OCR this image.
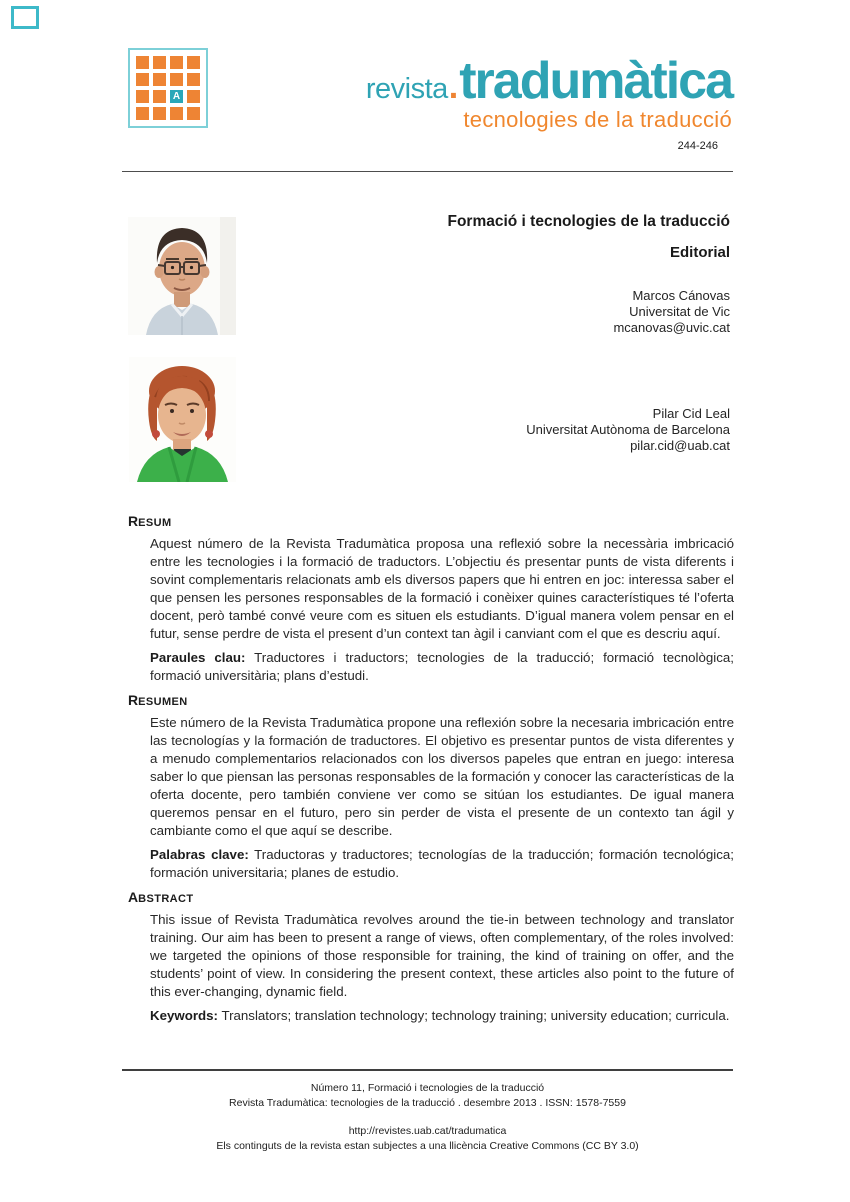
A	revista . tradumàtica
tecnologies de la traducció
244-246
Formació i tecnologies de la traducció
Editorial
Marcos Cánovas
Universitat de Vic
mcanovas@uvic.cat
Pilar Cid Leal
Universitat Autònoma de Barcelona
pilar.cid@uab.cat
RESUM

Aquest número de la Revista Tradumàtica proposa una reflexió sobre la necessària imbricació entre les tecnologies i la formació de traductors. L’objectiu és presentar punts de vista diferents i sovint complementaris relacionats amb els diversos papers que hi entren en joc: interessa saber el que pensen les persones responsables de la formació i conèixer quines característiques té l’oferta docent, però també convé veure com es situen els estudiants. D’igual manera volem pensar en el futur, sense perdre de vista el present d’un context tan àgil i canviant com el que es descriu aquí.

Paraules clau: Traductores i traductors; tecnologies de la traducció; formació tecnològica; formació universitària; plans d’estudi.

RESUMEN

Este número de la Revista Tradumàtica propone una reflexión sobre la necesaria imbricación entre las tecnologías y la formación de traductores. El objetivo es presentar puntos de vista diferentes y a menudo complementarios relacionados con los diversos papeles que entran en juego: interesa saber lo que piensan las personas responsables de la formación y conocer las características de la oferta docente, pero también conviene ver como se sitúan los estudiantes. De igual manera queremos pensar en el futuro, pero sin perder de vista el presente de un contexto tan ágil y cambiante como el que aquí se describe.

Palabras clave: Traductoras y traductores; tecnologías de la traducción; formación tecnológica; formación universitaria; planes de estudio.

ABSTRACT

This issue of Revista Tradumàtica revolves around the tie-in between technology and translator training. Our aim has been to present a range of views, often complementary, of the roles involved: we targeted the opinions of those responsible for training, the kind of training on offer, and the students’ point of view. In considering the present context, these articles also point to the future of this ever-changing, dynamic field.

Keywords: Translators; translation technology; technology training; university education; curricula.

Número 11, Formació i tecnologies de la traducció
Revista Tradumàtica: tecnologies de la traducció . desembre 2013 . ISSN: 1578-7559
http://revistes.uab.cat/tradumatica
Els continguts de la revista estan subjectes a una llicència Creative Commons (CC BY 3.0)
